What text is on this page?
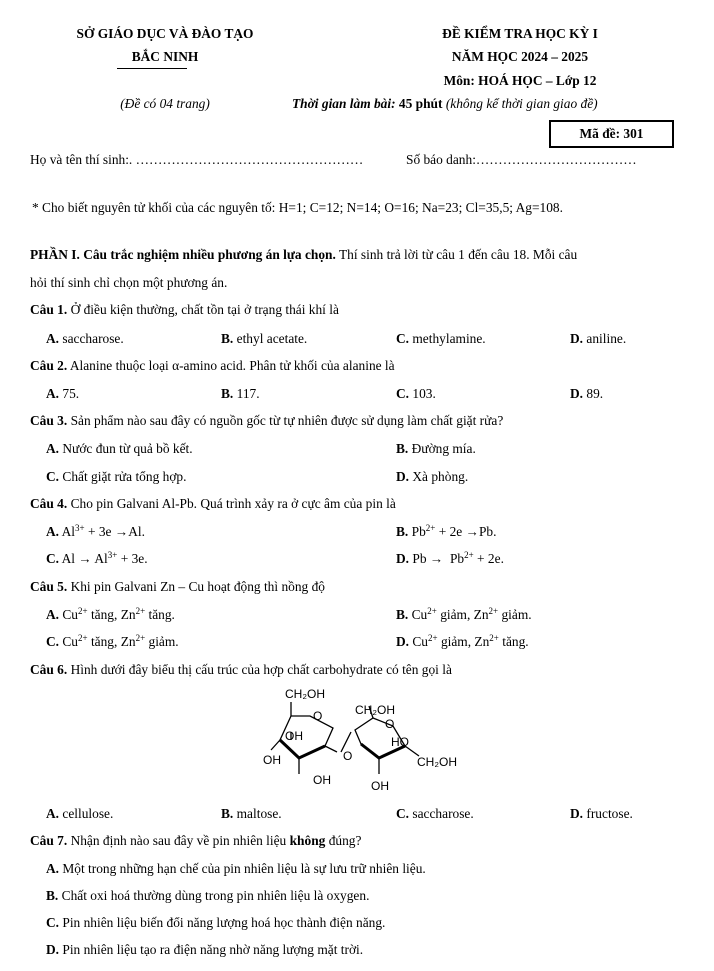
SỞ GIÁO DỤC VÀ ĐÀO TẠO
BẮC NINH
(Đề có 04 trang)
ĐỀ KIỂM TRA HỌC KỲ I
NĂM HỌC 2024 – 2025
Môn: HOÁ HỌC – Lớp 12
Thời gian làm bài: 45 phút (không kể thời gian giao đề)
Mã đề: 301
Họ và tên thí sinh:. ……………………………………………	Số báo danh:………………………………
* Cho biết nguyên tử khối của các nguyên tố: H=1; C=12; N=14; O=16; Na=23; Cl=35,5; Ag=108.
PHẦN I. Câu trắc nghiệm nhiều phương án lựa chọn. Thí sinh trả lời từ câu 1 đến câu 18. Mỗi câu
hỏi thí sinh chỉ chọn một phương án.
Câu 1. Ở điều kiện thường, chất tồn tại ở trạng thái khí là
A. saccharose.	B. ethyl acetate.	C. methylamine.	D. aniline.
Câu 2. Alanine thuộc loại α-amino acid. Phân tử khối của alanine là
A. 75.	B. 117.	C. 103.	D. 89.
Câu 3. Sản phẩm nào sau đây có nguồn gốc từ tự nhiên được sử dụng làm chất giặt rửa?
A. Nước đun từ quả bồ kết.	B. Đường mía.
C. Chất giặt rửa tổng hợp.	D. Xà phòng.
Câu 4. Cho pin Galvani Al-Pb. Quá trình xảy ra ở cực âm của pin là
A. $Al^{3+} + 3e \to Al$.	B. $Pb^{2+} + 2e \to Pb$.
C. $Al \to Al^{3+} + 3e$.	D. $Pb \to Pb^{2+} + 2e$.
Câu 5. Khi pin Galvani Zn – Cu hoạt động thì nồng độ
A. $Cu^{2+}$ tăng, $Zn^{2+}$ tăng.	B. $Cu^{2+}$ giảm, $Zn^{2+}$ giảm.
C. $Cu^{2+}$ tăng, $Zn^{2+}$ giảm.	D. $Cu^{2+}$ giảm, $Zn^{2+}$ tăng.
Câu 6. Hình dưới đây biểu thị cấu trúc của hợp chất carbohydrate có tên gọi là
CH₂OH
O
OH
OH
OH
O
CH₂OH
O
HO
CH₂OH
OH
A. cellulose.	B. maltose.	C. saccharose.	D. fructose.
Câu 7. Nhận định nào sau đây về pin nhiên liệu không đúng?
A. Một trong những hạn chế của pin nhiên liệu là sự lưu trữ nhiên liệu.
B. Chất oxi hoá thường dùng trong pin nhiên liệu là oxygen.
C. Pin nhiên liệu biến đổi năng lượng hoá học thành điện năng.
D. Pin nhiên liệu tạo ra điện năng nhờ năng lượng mặt trời.
